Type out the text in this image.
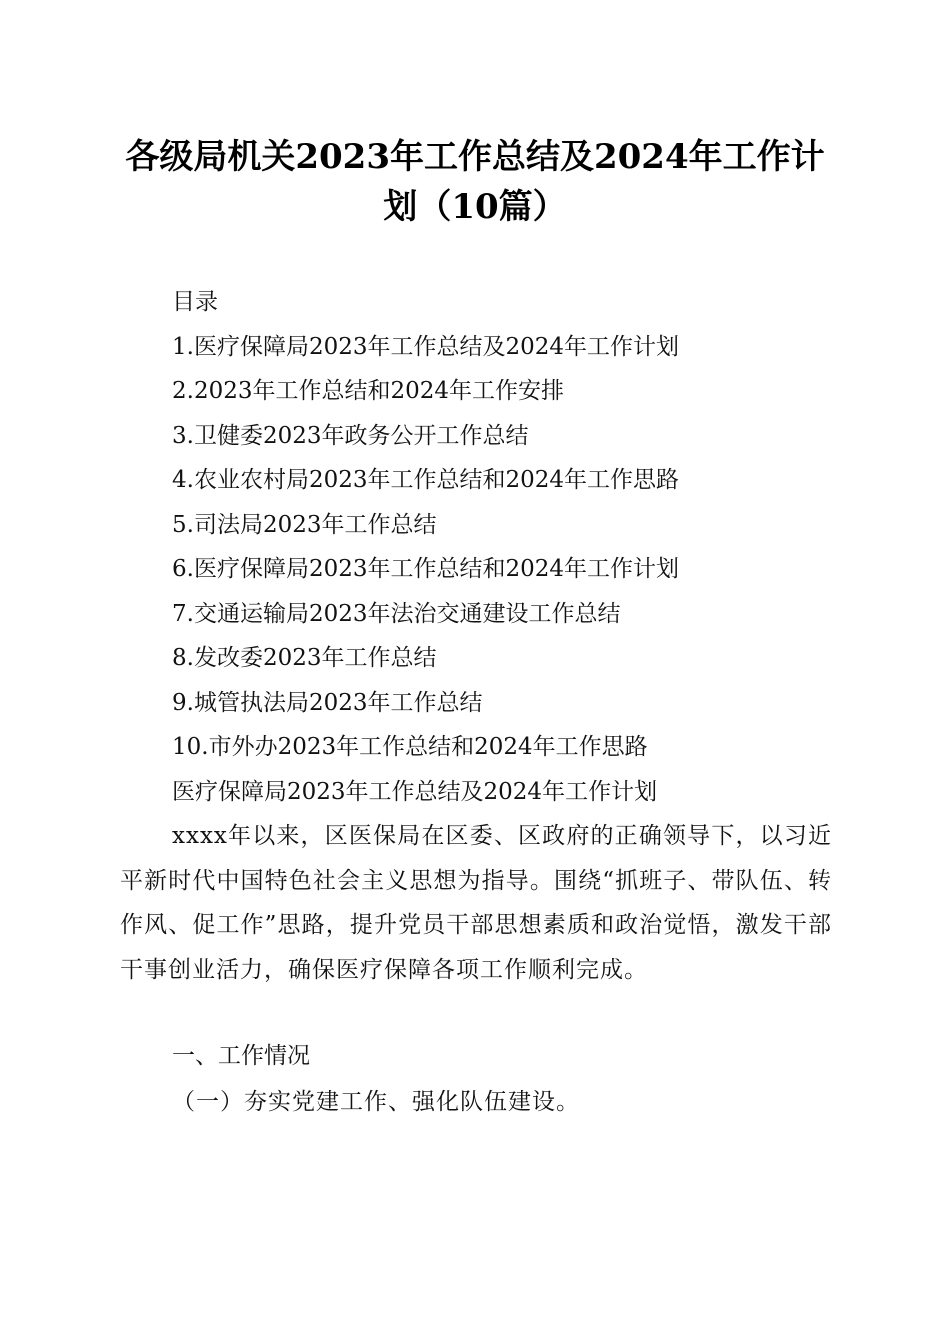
各级局机关2023年工作总结及2024年工作计
划（10篇）
目录
1.医疗保障局2023年工作总结及2024年工作计划
2.2023年工作总结和2024年工作安排
3.卫健委2023年政务公开工作总结
4.农业农村局2023年工作总结和2024年工作思路
5.司法局2023年工作总结
6.医疗保障局2023年工作总结和2024年工作计划
7.交通运输局2023年法治交通建设工作总结
8.发改委2023年工作总结
9.城管执法局2023年工作总结
10.市外办2023年工作总结和2024年工作思路
医疗保障局2023年工作总结及2024年工作计划
xxxx年以来，区医保局在区委、区政府的正确领导下，以习近平新时代中国特色社会主义思想为指导。围绕“抓班子、带队伍、转作风、促工作”思路，提升党员干部思想素质和政治觉悟，激发干部干事创业活力，确保医疗保障各项工作顺利完成。
一、工作情况
（一）夯实党建工作、强化队伍建设。
